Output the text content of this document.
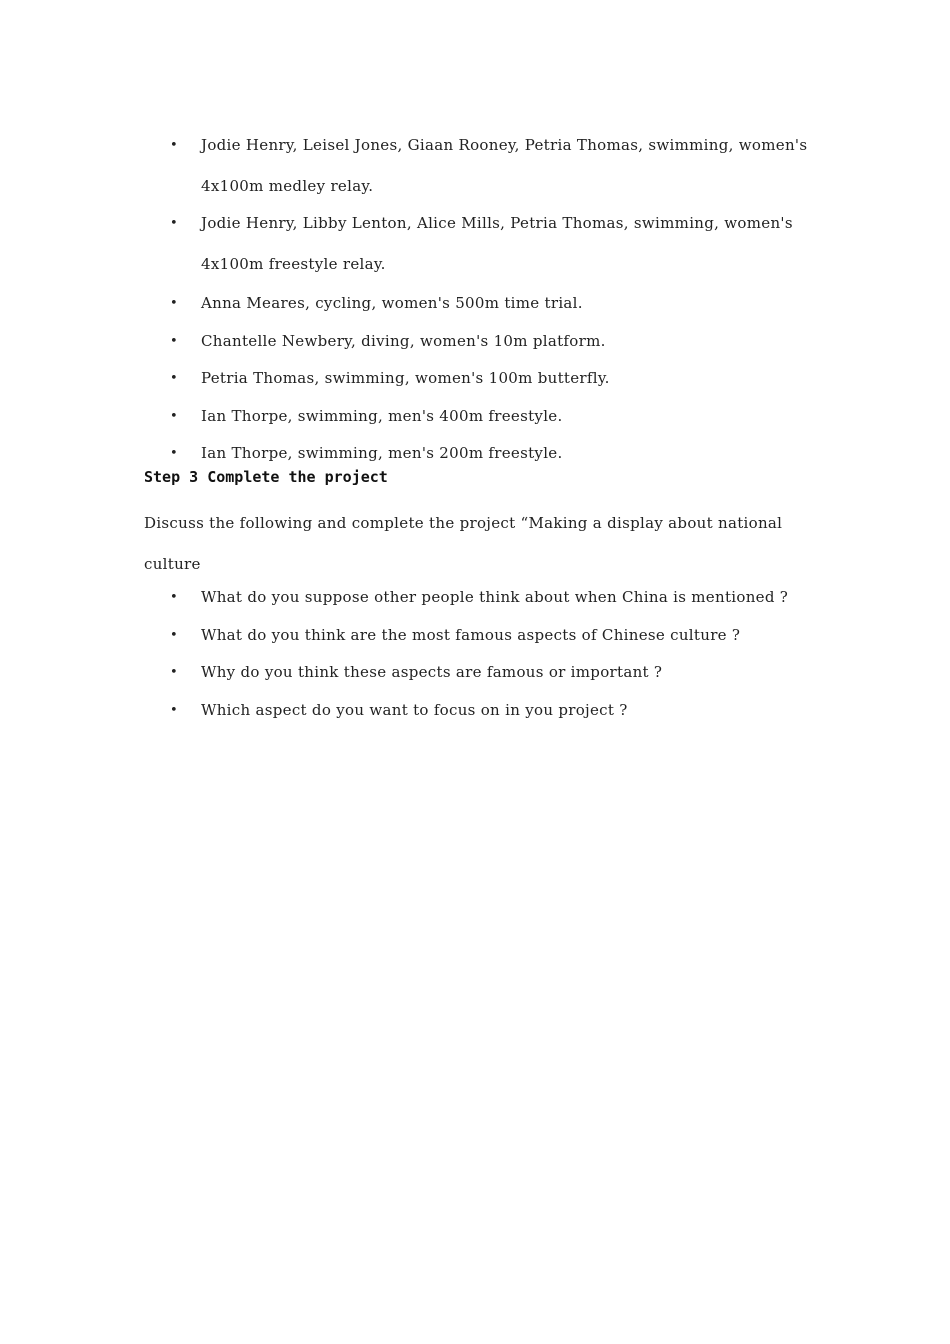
• Jodie Henry, Leisel Jones, Giaan Rooney, Petria Thomas, swimming, women's 4x100m medley relay.
• Jodie Henry, Libby Lenton, Alice Mills, Petria Thomas, swimming, women's 4x100m freestyle relay.
• Anna Meares, cycling, women's 500m time trial.
• Chantelle Newbery, diving, women's 10m platform.
• Petria Thomas, swimming, women's 100m butterfly.
• Ian Thorpe, swimming, men's 400m freestyle.
• Ian Thorpe, swimming, men's 200m freestyle.
Step 3 Complete the project
Discuss the following and complete the project “Making a display about national culture
• What do you suppose other people think about when China is mentioned ?
• What do you think are the most famous aspects of Chinese culture ?
• Why do you think these aspects are famous or important ?
• Which aspect do you want to focus on in you project ?
